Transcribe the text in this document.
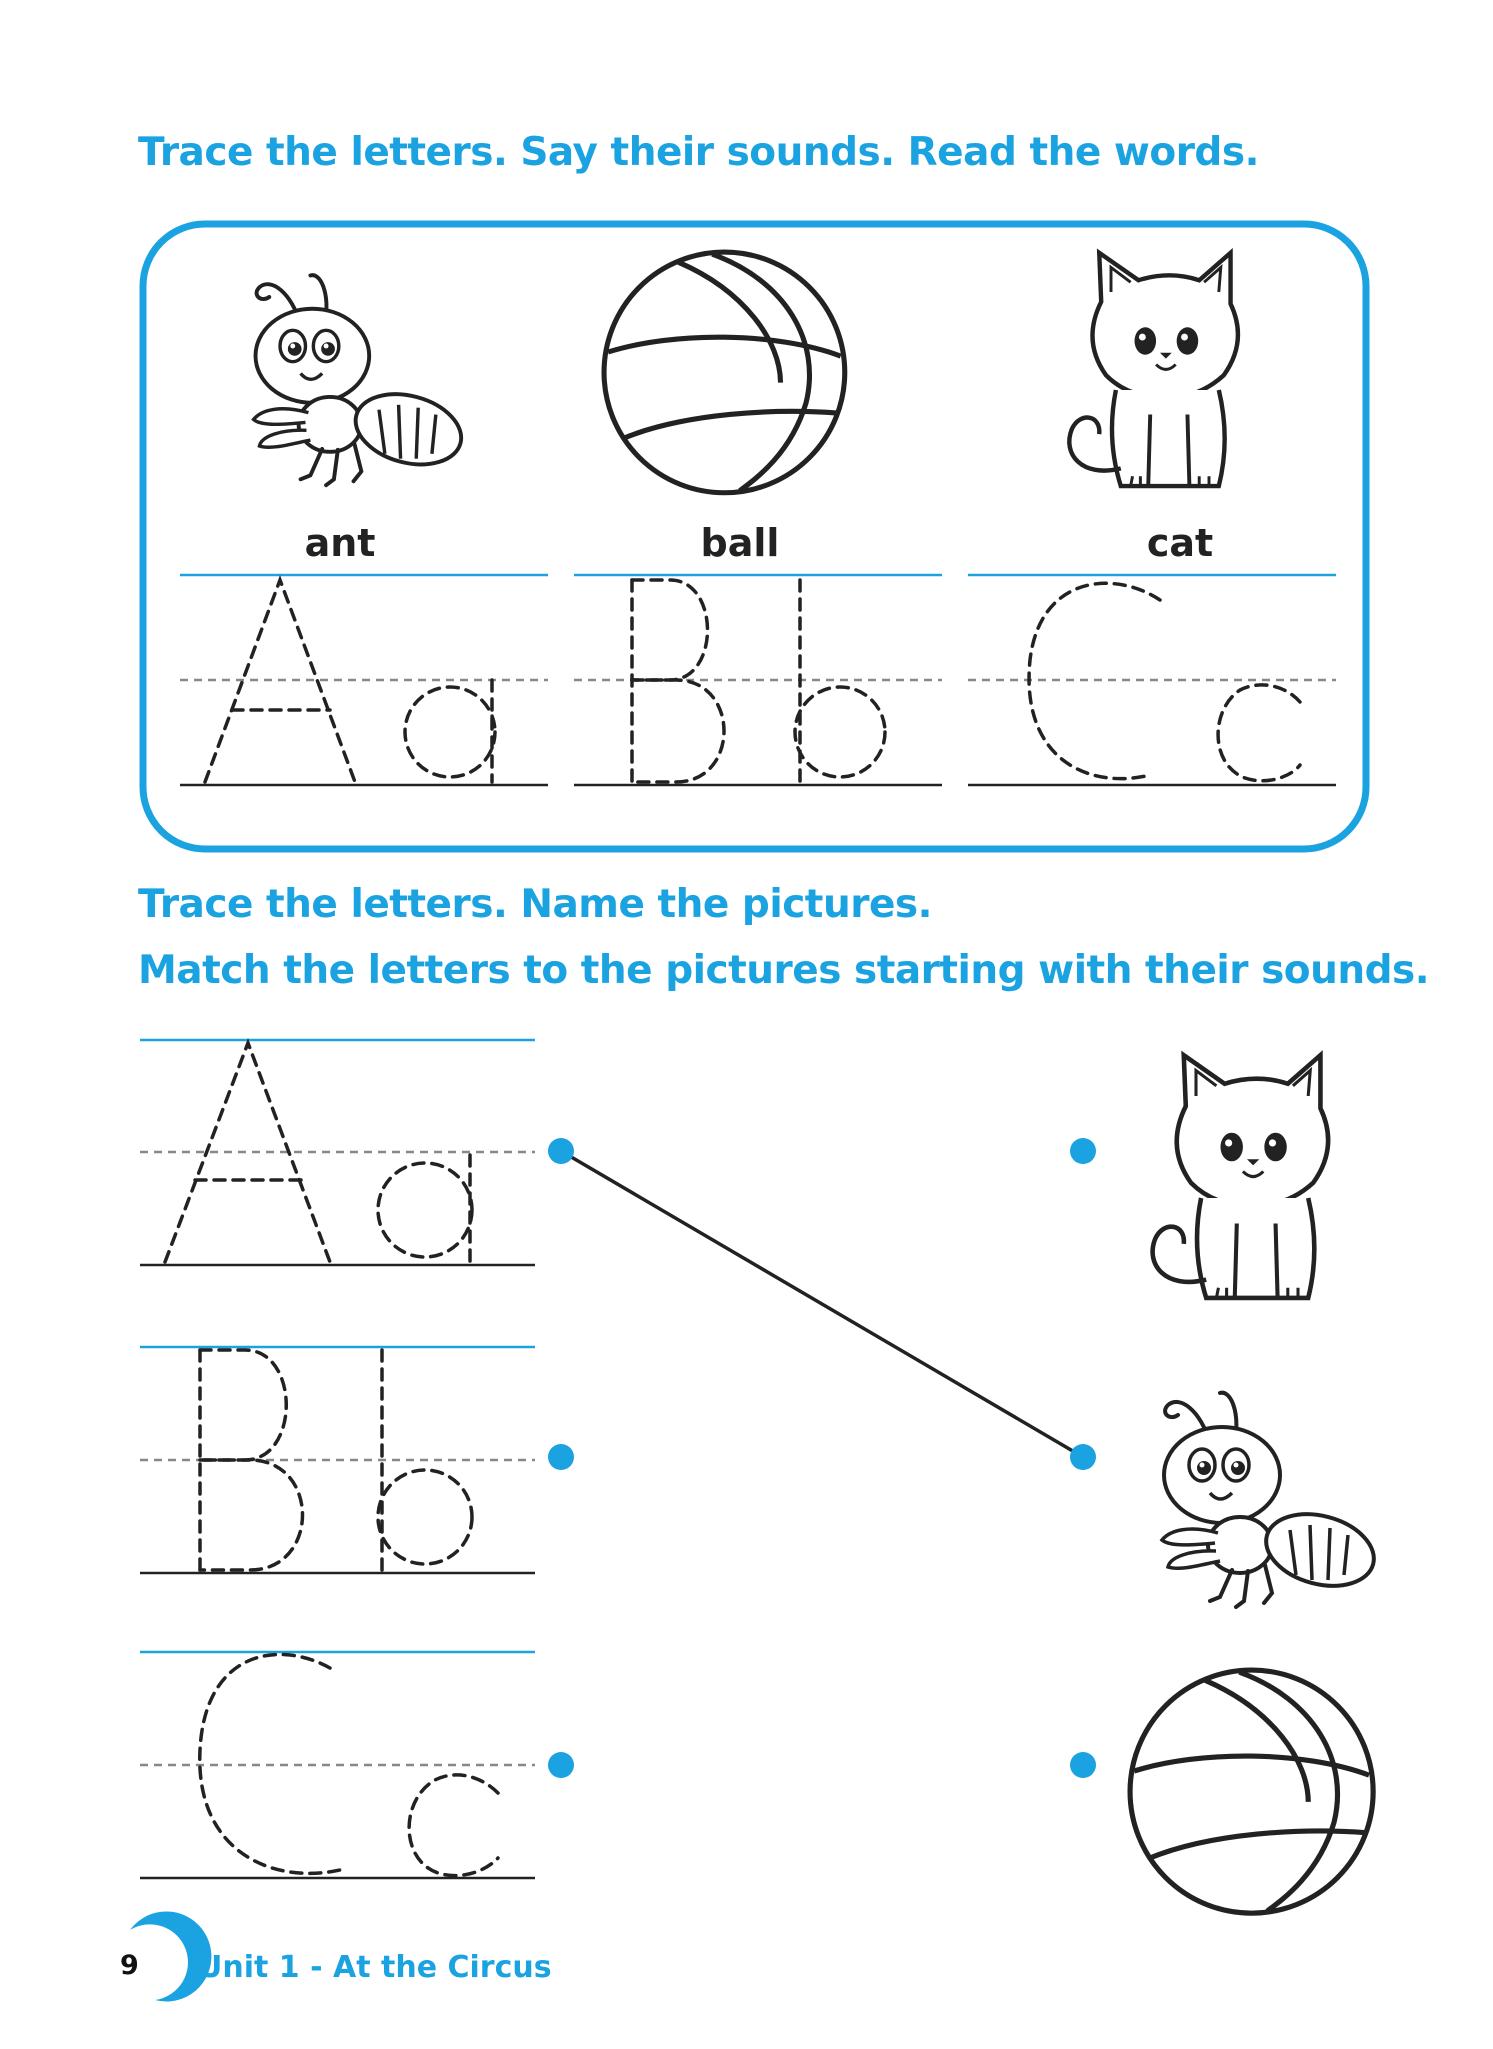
Trace the letters. Say their sounds. Read the words.

Trace the letters. Name the pictures.

Match the letters to the pictures starting with their sounds.

ant	ball	cat
9 Unit 1 - At the Circus
